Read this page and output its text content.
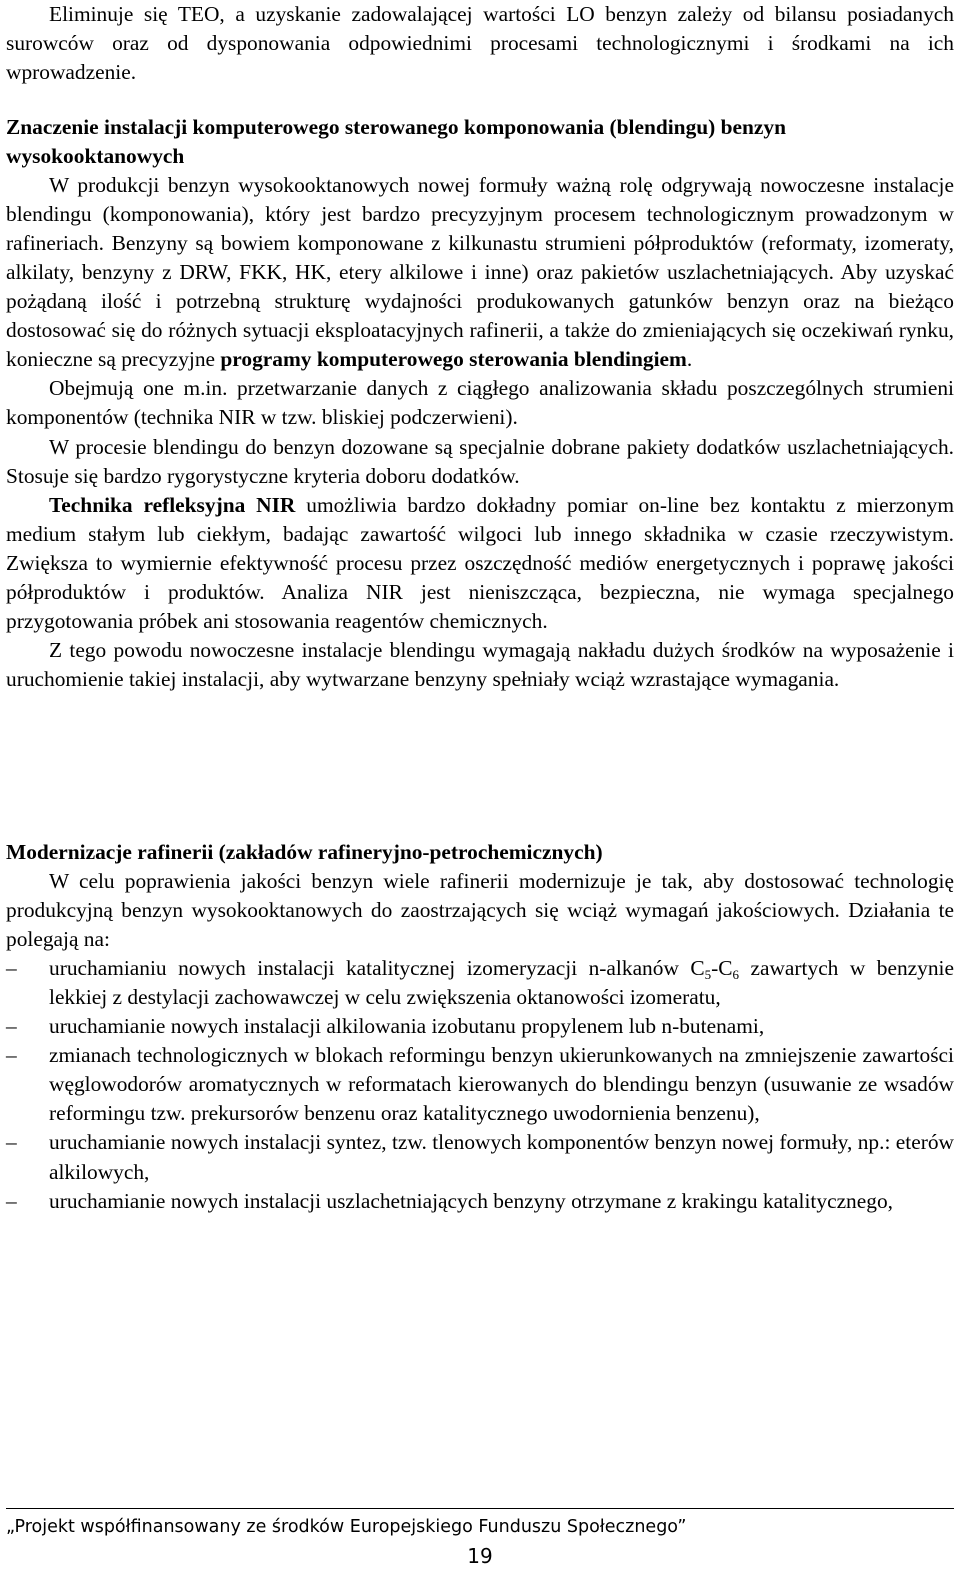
Eliminuje się TEO, a uzyskanie zadowalającej wartości LO benzyn zależy od bilansu posiadanych surowców oraz od dysponowania odpowiednimi procesami technologicznymi i środkami na ich wprowadzenie.

Znaczenie instalacji komputerowego sterowanego komponowania (blendingu) benzyn wysokooktanowych

W produkcji benzyn wysokooktanowych nowej formuły ważną rolę odgrywają nowoczesne instalacje blendingu (komponowania), który jest bardzo precyzyjnym procesem technologicznym prowadzonym w rafineriach. Benzyny są bowiem komponowane z kilkunastu strumieni półproduktów (reformaty, izomeraty, alkilaty, benzyny z DRW, FKK, HK, etery alkilowe i inne) oraz pakietów uszlachetniających. Aby uzyskać pożądaną ilość i potrzebną strukturę wydajności produkowanych gatunków benzyn oraz na bieżąco dostosować się do różnych sytuacji eksploatacyjnych rafinerii, a także do zmieniających się oczekiwań rynku, konieczne są precyzyjne programy komputerowego sterowania blendingiem.

Obejmują one m.in. przetwarzanie danych z ciągłego analizowania składu poszczególnych strumieni komponentów (technika NIR w tzw. bliskiej podczerwieni).

W procesie blendingu do benzyn dozowane są specjalnie dobrane pakiety dodatków uszlachetniających. Stosuje się bardzo rygorystyczne kryteria doboru dodatków.

Technika refleksyjna NIR umożliwia bardzo dokładny pomiar on-line bez kontaktu z mierzonym medium stałym lub ciekłym, badając zawartość wilgoci lub innego składnika w czasie rzeczywistym. Zwiększa to wymiernie efektywność procesu przez oszczędność mediów energetycznych i poprawę jakości półproduktów i produktów. Analiza NIR jest nieniszcząca, bezpieczna, nie wymaga specjalnego przygotowania próbek ani stosowania reagentów chemicznych.

Z tego powodu nowoczesne instalacje blendingu wymagają nakładu dużych środków na wyposażenie i uruchomienie takiej instalacji, aby wytwarzane benzyny spełniały wciąż wzrastające wymagania.

Modernizacje rafinerii (zakładów rafineryjno-petrochemicznych)

W celu poprawienia jakości benzyn wiele rafinerii modernizuje je tak, aby dostosować technologię produkcyjną benzyn wysokooktanowych do zaostrzających się wciąż wymagań jakościowych. Działania te polegają na:

–	uruchamianiu nowych instalacji katalitycznej izomeryzacji n-alkanów $C_5-C_6$ zawartych w benzynie lekkiej z destylacji zachowawczej w celu zwiększenia oktanowości izomeratu,
–	uruchamianie nowych instalacji alkilowania izobutanu propylenem lub n-butenami,
–	zmianach technologicznych w blokach reformingu benzyn ukierunkowanych na zmniejszenie zawartości węglowodorów aromatycznych w reformatach kierowanych do blendingu benzyn (usuwanie ze wsadów reformingu tzw. prekursorów benzenu oraz katalitycznego uwodornienia benzenu),
–	uruchamianie nowych instalacji syntez, tzw. tlenowych komponentów benzyn nowej formuły, np.: eterów alkilowych,
–	uruchamianie nowych instalacji uszlachetniających benzyny otrzymane z krakingu katalitycznego,
„Projekt współfinansowany ze środków Europejskiego Funduszu Społecznego”
19
